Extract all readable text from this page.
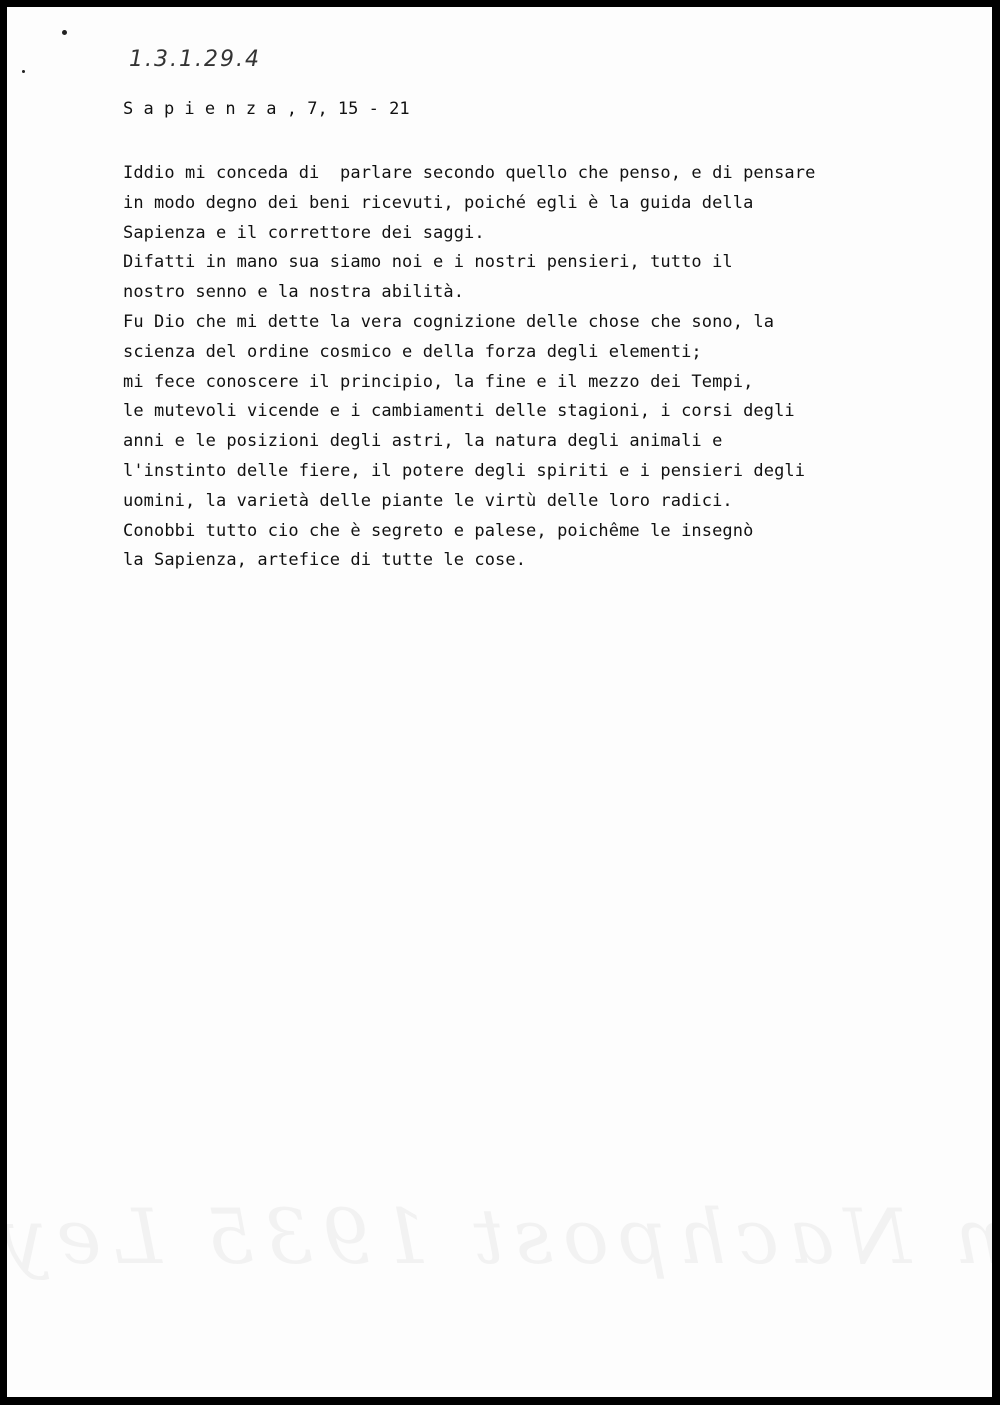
1.3.1.29.4
S a p i e n z a , 7, 15 - 21
Iddio mi conceda di  parlare secondo quello che penso, e di pensare
in modo degno dei beni ricevuti, poiché egli è la guida della
Sapienza e il correttore dei saggi.
Difatti in mano sua siamo noi e i nostri pensieri, tutto il
nostro senno e la nostra abilità.
Fu Dio che mi dette la vera cognizione delle chose che sono, la
scienza del ordine cosmico e della forza degli elementi;
mi fece conoscere il principio, la fine e il mezzo dei Tempi,
le mutevoli vicende e i cambiamenti delle stagioni, i corsi degli
anni e le posizioni degli astri, la natura degli animali e
l'instinto delle fiere, il potere degli spiriti e i pensieri degli
uomini, la varietà delle piante le virtù delle loro radici.
Conobbi tutto cio che è segreto e palese, poichême le insegnò
la Sapienza, artefice di tutte le cose.
